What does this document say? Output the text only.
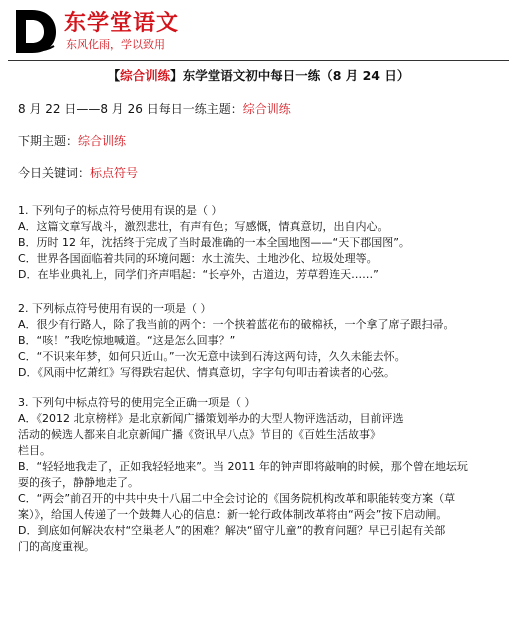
东学堂语文
东风化雨，学以致用
【综合训练】东学堂语文初中每日一练（8 月 24 日）
8 月 22 日——8 月 26 日每日一练主题：综合训练
下期主题：综合训练
今日关键词：标点符号
1. 下列句子的标点符号使用有误的是（ ）
A．这篇文章写战斗，激烈悲壮，有声有色；写感慨，情真意切，出自内心。
B．历时 12 年，沈括终于完成了当时最准确的一本全国地图——“天下郡国图”。
C．世界各国面临着共同的环境问题：水土流失、土地沙化、垃圾处理等。
D．在毕业典礼上，同学们齐声唱起：“长亭外，古道边，芳草碧连天……”
2. 下列标点符号使用有误的一项是（ ）
A．很少有行路人，除了我当前的两个：一个挟着蓝花布的破棉袄，一个拿了席子跟扫帚。
B．“咳！”我吃惊地喊道。“这是怎么回事？”
C．“不识来年梦，如何只近山。”一次无意中读到石涛这两句诗，久久未能去怀。
D．《风雨中忆萧红》写得跌宕起伏、情真意切，字字句句叩击着读者的心弦。
3. 下列句中标点符号的使用完全正确一项是（ ）
A．《2012 北京榜样》是北京新闻广播策划举办的大型人物评选活动，目前评选
活动的候选人都来自北京新闻广播《资讯早八点》节目的《百姓生活故事》
栏目。
B．“轻轻地我走了，正如我轻轻地来”。当 2011 年的钟声即将敲响的时候，那个曾在地坛玩
耍的孩子，静静地走了。
C．“两会”前召开的中共中央十八届二中全会讨论的《国务院机构改革和职能转变方案（草
案）》，给国人传递了一个鼓舞人心的信息：新一轮行政体制改革将由“两会”按下启动闸。
D．到底如何解决农村“空巢老人”的困难？解决“留守儿童”的教育问题？早已引起有关部
门的高度重视。
